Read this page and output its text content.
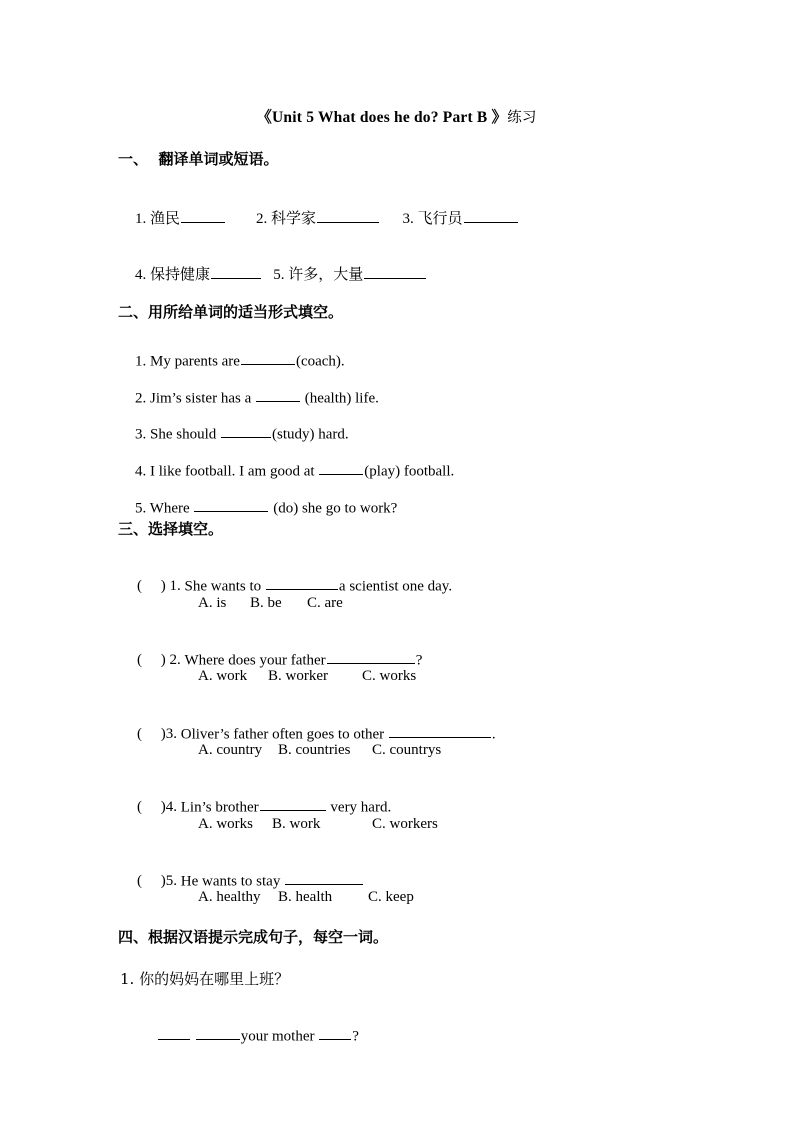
《Unit 5 What does he do? Part B 》练习
一、  翻译单词或短语。

1. 渔民	2. 科学家	3. 飞行员

4. 保持健康	5. 许多，大量

二、用所给单词的适当形式填空。

1. My parents are	(coach).

2. Jim’s sister has a	(health) life.

3. She should	(study) hard.

4. I like football. I am good at	(play) football.

5. Where	(do) she go to work?

三、选择填空。

(     ) 1. She wants to	a scientist one day.

A. is B. be C. are

(     ) 2. Where does your father	?

A. work B. worker C. works

(     )3. Oliver’s father often goes to other	.

A. country B. countries C. countrys

(     )4. Lin’s brother	very hard.

A. works B. work	C. workers

(     )5. He wants to stay

A. healthy B. health C. keep
四、根据汉语提示完成句子，每空一词。
1. 你的妈妈在哪里上班？

your mother ?
